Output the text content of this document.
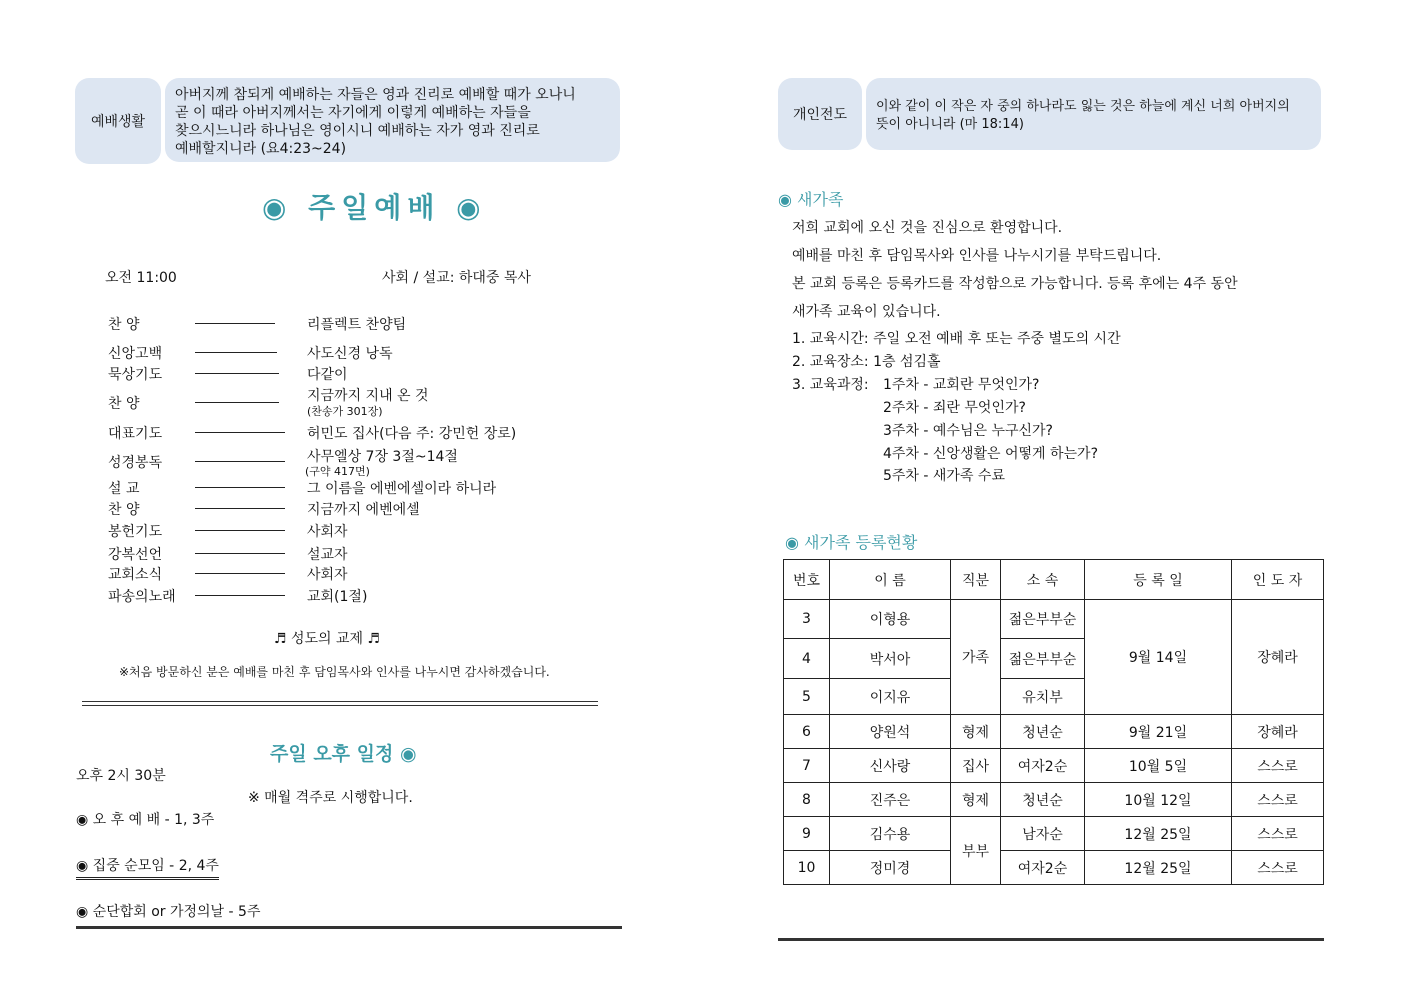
예배생활
아버지께 참되게 예배하는 자들은 영과 진리로 예배할 때가 오나니
곧 이 때라 아버지께서는 자기에게 이렇게 예배하는 자들을
찾으시느니라 하나님은 영이시니 예배하는 자가 영과 진리로
예배할지니라 (요4:23~24)
◉ 주일예배 ◉
오전 11:00	사회 / 설교: 하대중 목사
찬 양	리플렉트 찬양팀
신앙고백	사도신경 낭독
묵상기도	다같이
찬 양	지금까지 지내 온 것
(찬송가 301장)
대표기도	허민도 집사(다음 주: 강민헌 장로)
성경봉독	사무엘상 7장 3절~14절
(구약 417면)
설 교	그 이름을 에벤에셀이라 하니라
찬 양	지금까지 에벤에셀
봉헌기도	사회자
강복선언	설교자
교회소식	사회자
파송의노래	교회(1절)
♬ 성도의 교제 ♬
※처음 방문하신 분은 예배를 마친 후 담임목사와 인사를 나누시면 감사하겠습니다.
주일 오후 일정 ◉
오후 2시 30분
※ 매월 격주로 시행합니다.
◉ 오 후 예 배 - 1, 3주
◉ 집중 순모임 - 2, 4주
◉ 순단합회 or 가정의날 - 5주
개인전도
이와 같이 이 작은 자 중의 하나라도 잃는 것은 하늘에 계신 너희 아버지의
뜻이 아니니라 (마 18:14)
◉ 새가족
저희 교회에 오신 것을 진심으로 환영합니다.
예배를 마친 후 담임목사와 인사를 나누시기를 부탁드립니다.
본 교회 등록은 등록카드를 작성함으로 가능합니다. 등록 후에는 4주 동안
새가족 교육이 있습니다.
1. 교육시간: 주일 오전 예배 후 또는 주중 별도의 시간
2. 교육장소: 1층 섬김홀
3. 교육과정: 1주차 - 교회란 무엇인가?
2주차 - 죄란 무엇인가?
3주차 - 예수님은 누구신가?
4주차 - 신앙생활은 어떻게 하는가?
5주차 - 새가족 수료
◉ 새가족 등록현황
번호	이 름	직분	소 속	등 록 일	인 도 자
3	이형용	가족	젊은부부순	9월 14일	장혜라
4	박서아		젊은부부순		
5	이지유		유치부		
6	양원석	형제	청년순	9월 21일	장혜라
7	신사랑	집사	여자2순	10월 5일	스스로
8	진주은	형제	청년순	10월 12일	스스로
9	김수용	부부	남자순	12월 25일	스스로
10	정미경		여자2순	12월 25일	스스로
